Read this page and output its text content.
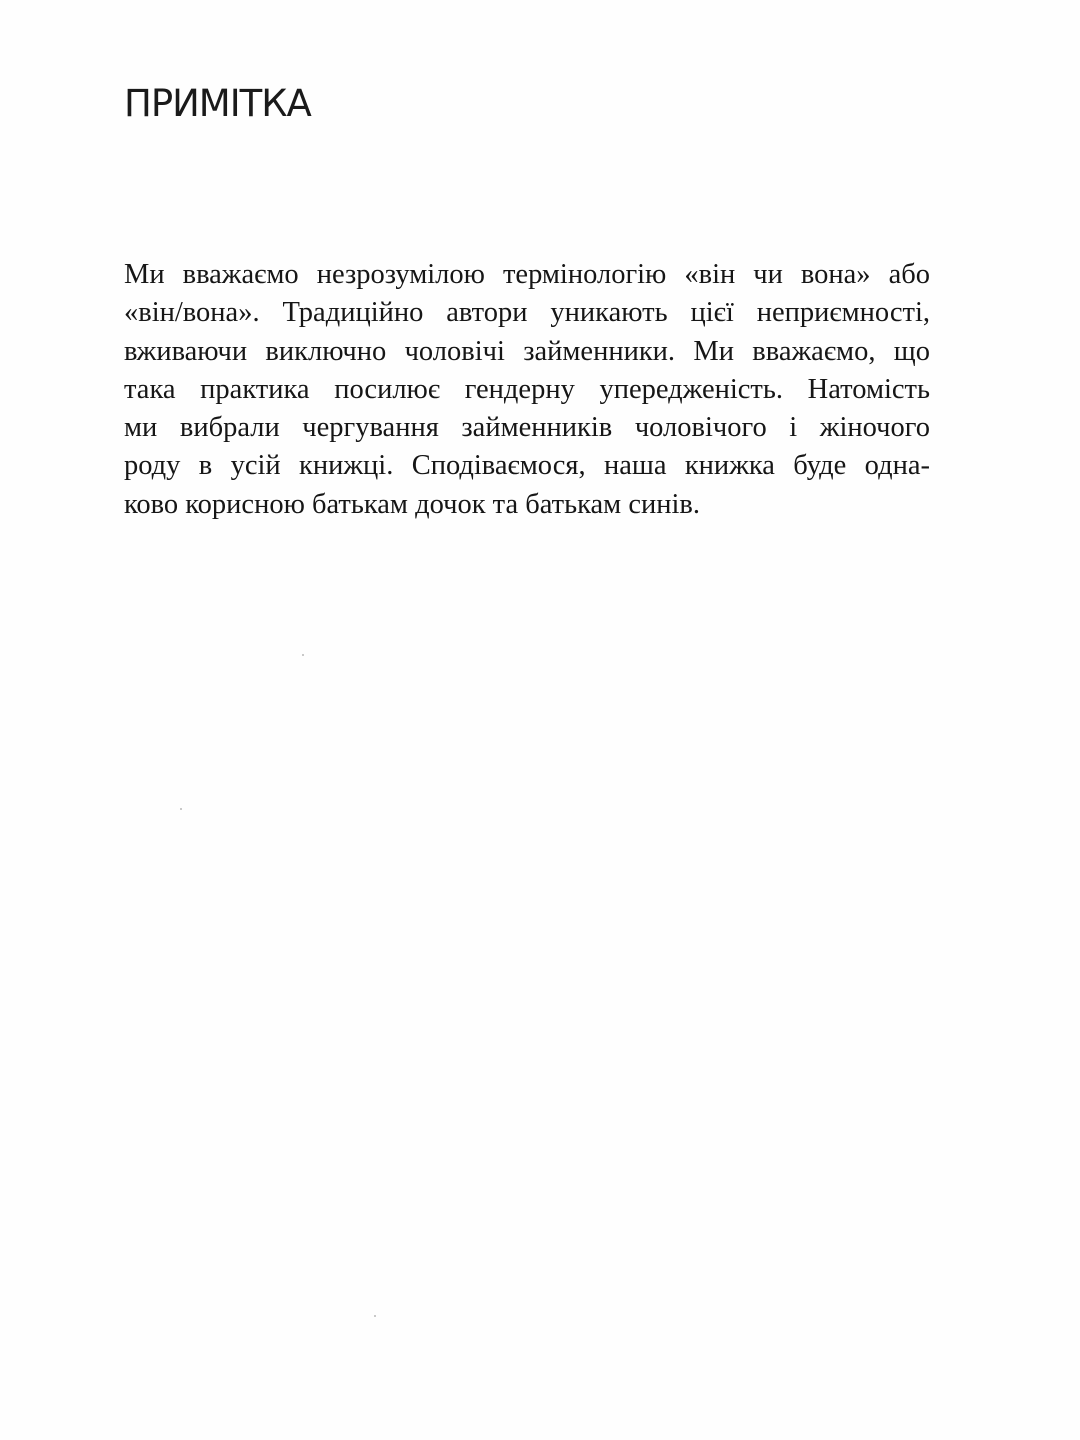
ПРИМІТКА

Ми вважаємо незрозумілою термінологію «він чи вона» або
«він/вона». Традиційно автори уникають цієї неприємності,
вживаючи виключно чоловічі займенники. Ми вважаємо, що
така практика посилює гендерну упередженість. Натомість
ми вибрали чергування займенників чоловічого і жіночого
роду в усій книжці. Сподіваємося, наша книжка буде одна-
ково корисною батькам дочок та батькам синів.
